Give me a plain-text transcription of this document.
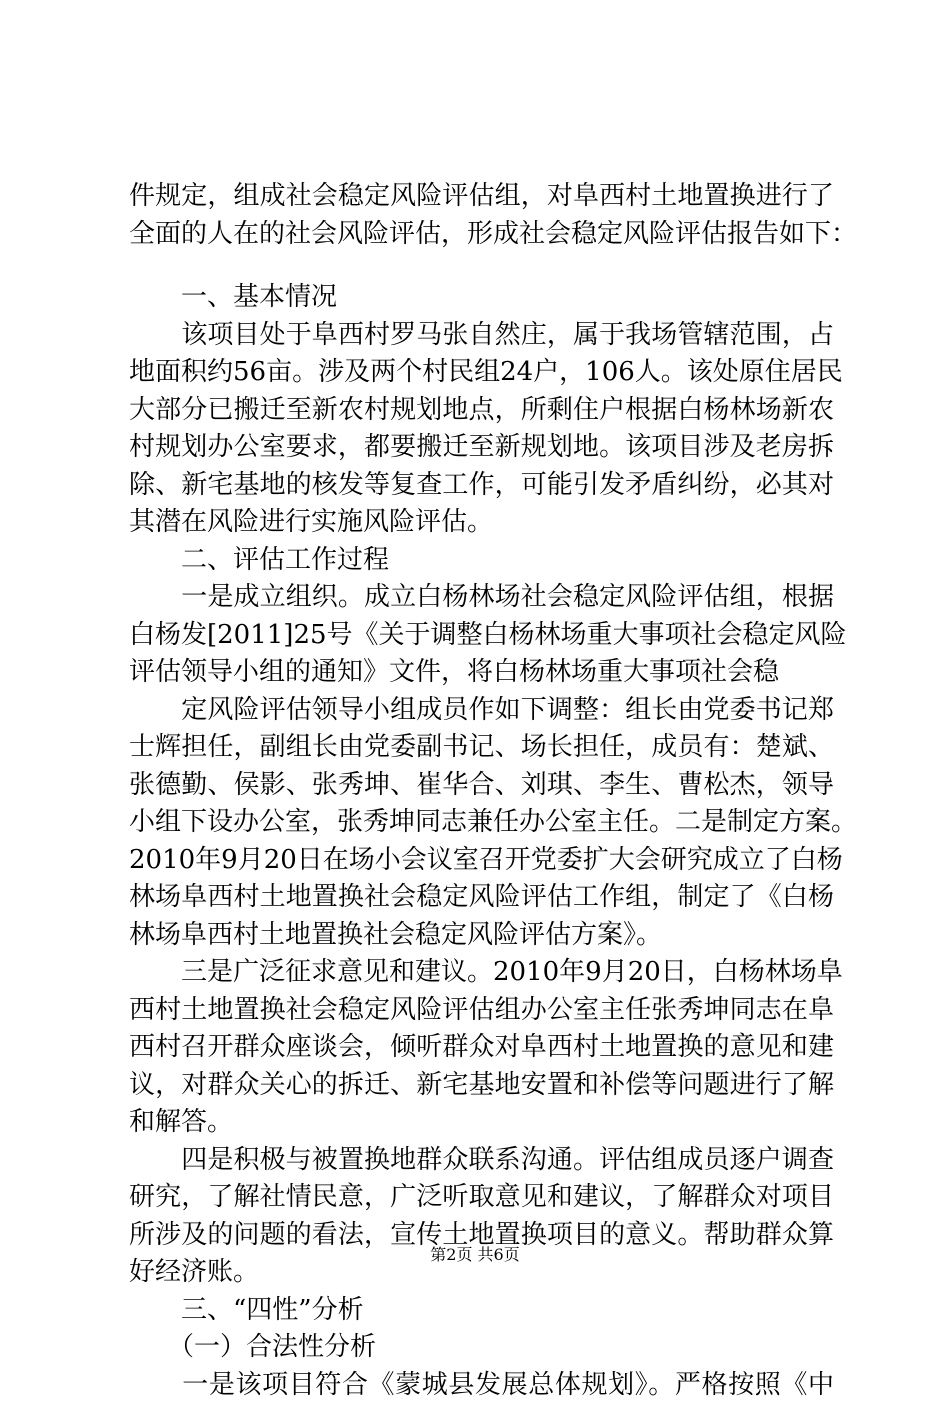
件规定，组成社会稳定风险评估组，对阜西村土地置换进行了
全面的人在的社会风险评估，形成社会稳定风险评估报告如下：
　　一、基本情况
　　该项目处于阜西村罗马张自然庄，属于我场管辖范围，占
地面积约56亩。涉及两个村民组24户，106人。该处原住居民
大部分已搬迁至新农村规划地点，所剩住户根据白杨林场新农
村规划办公室要求，都要搬迁至新规划地。该项目涉及老房拆
除、新宅基地的核发等复查工作，可能引发矛盾纠纷，必其对
其潜在风险进行实施风险评估。
　　二、评估工作过程
　　一是成立组织。成立白杨林场社会稳定风险评估组，根据
白杨发[2011]25号《关于调整白杨林场重大事项社会稳定风险
评估领导小组的通知》文件，将白杨林场重大事项社会稳
　　定风险评估领导小组成员作如下调整：组长由党委书记郑
士辉担任，副组长由党委副书记、场长担任，成员有：楚斌、
张德勤、侯影、张秀坤、崔华合、刘琪、李生、曹松杰，领导
小组下设办公室，张秀坤同志兼任办公室主任。二是制定方案。
2010年9月20日在场小会议室召开党委扩大会研究成立了白杨
林场阜西村土地置换社会稳定风险评估工作组，制定了《白杨
林场阜西村土地置换社会稳定风险评估方案》。
　　三是广泛征求意见和建议。2010年9月20日，白杨林场阜
西村土地置换社会稳定风险评估组办公室主任张秀坤同志在阜
西村召开群众座谈会，倾听群众对阜西村土地置换的意见和建
议，对群众关心的拆迁、新宅基地安置和补偿等问题进行了解
和解答。
　　四是积极与被置换地群众联系沟通。评估组成员逐户调查
研究，了解社情民意，广泛听取意见和建议，了解群众对项目
所涉及的问题的看法，宣传土地置换项目的意义。帮助群众算
好经济账。
　　三、“四性”分析
　　（一）合法性分析
　　一是该项目符合《蒙城县发展总体规划》。严格按照《中
第2页 共6页
